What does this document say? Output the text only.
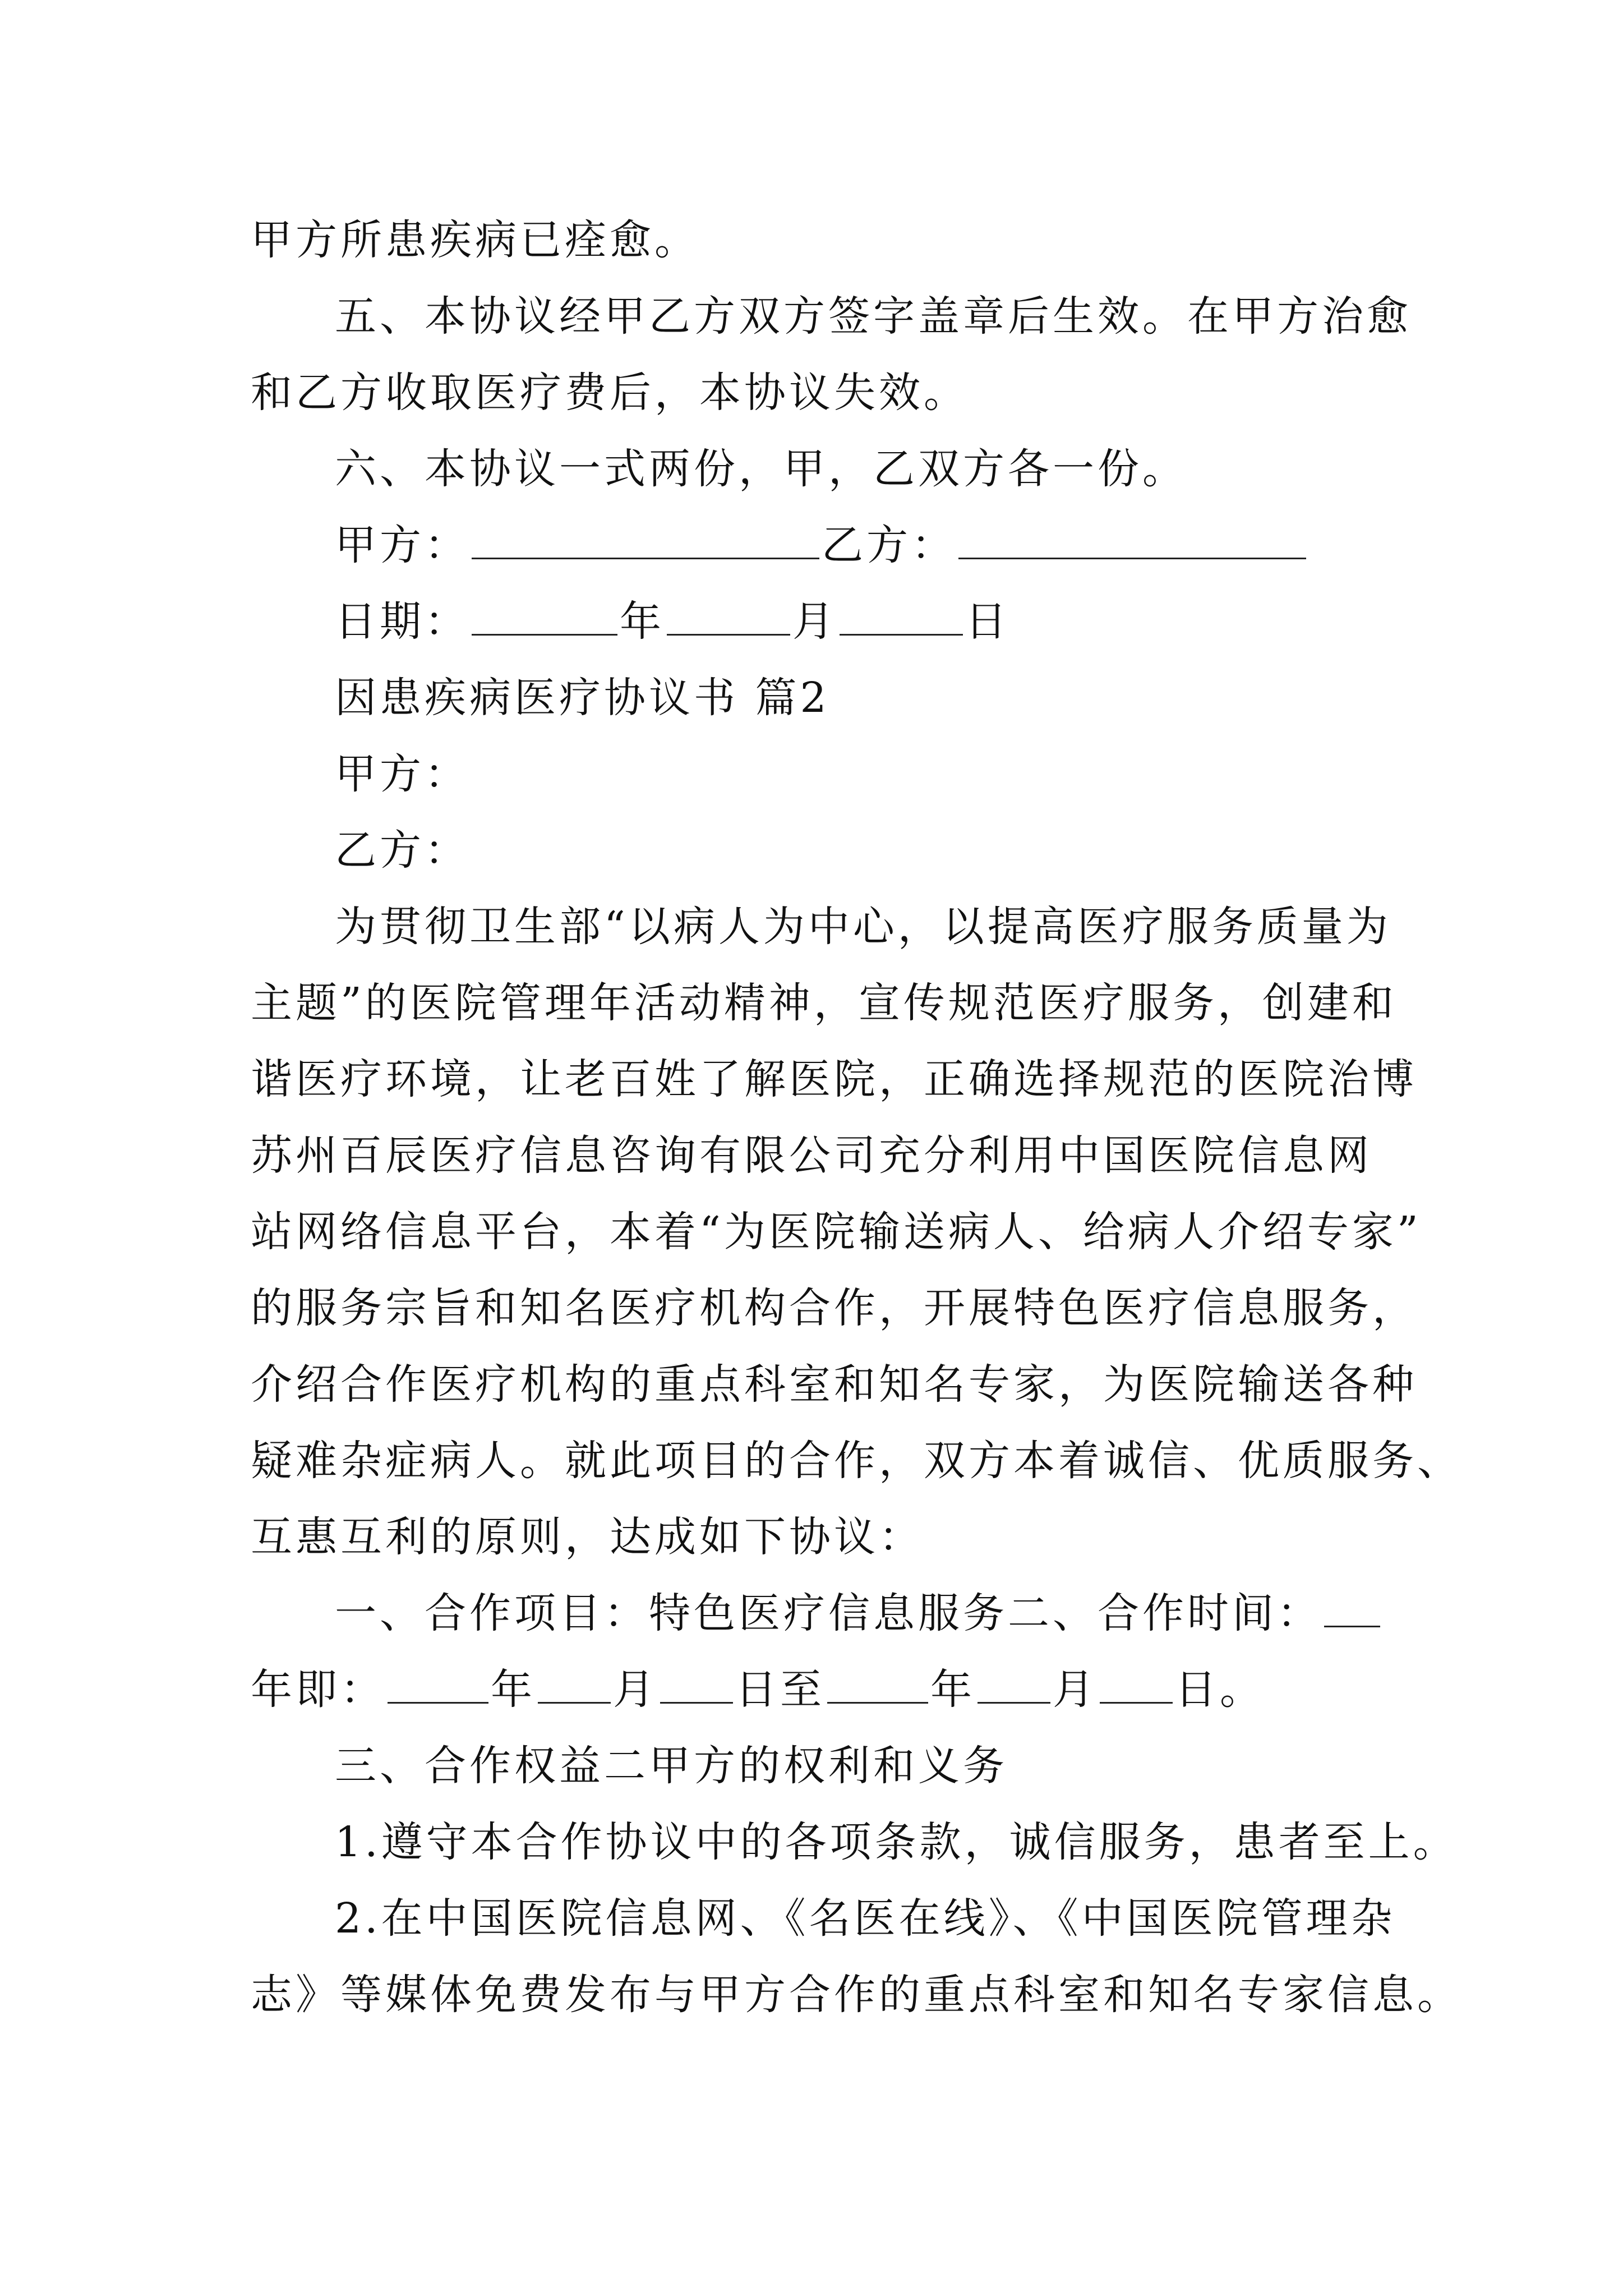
甲方所患疾病已痊愈。
五、本协议经甲乙方双方签字盖章后生效。在甲方治愈
和乙方收取医疗费后，本协议失效。
六、本协议一式两份，甲，乙双方各一份。
甲方：	乙方：
日期：	年	月	日
因患疾病医疗协议书 篇2
甲方：
乙方：
为贯彻卫生部“以病人为中心，以提高医疗服务质量为
主题”的医院管理年活动精神，宣传规范医疗服务，创建和
谐医疗环境，让老百姓了解医院，正确选择规范的医院治博
苏州百辰医疗信息咨询有限公司充分利用中国医院信息网
站网络信息平台，本着“为医院输送病人、给病人介绍专家”
的服务宗旨和知名医疗机构合作，开展特色医疗信息服务，
介绍合作医疗机构的重点科室和知名专家，为医院输送各种
疑难杂症病人。就此项目的合作，双方本着诚信、优质服务、
互惠互利的原则，达成如下协议：
一、合作项目：特色医疗信息服务二、合作时间：
年即：	年 月 日至	年 月 日。
三、合作权益二甲方的权利和义务
1.遵守本合作协议中的各项条款，诚信服务，患者至上。
2.在中国医院信息网、《名医在线》、《中国医院管理杂
志》等媒体免费发布与甲方合作的重点科室和知名专家信息。
